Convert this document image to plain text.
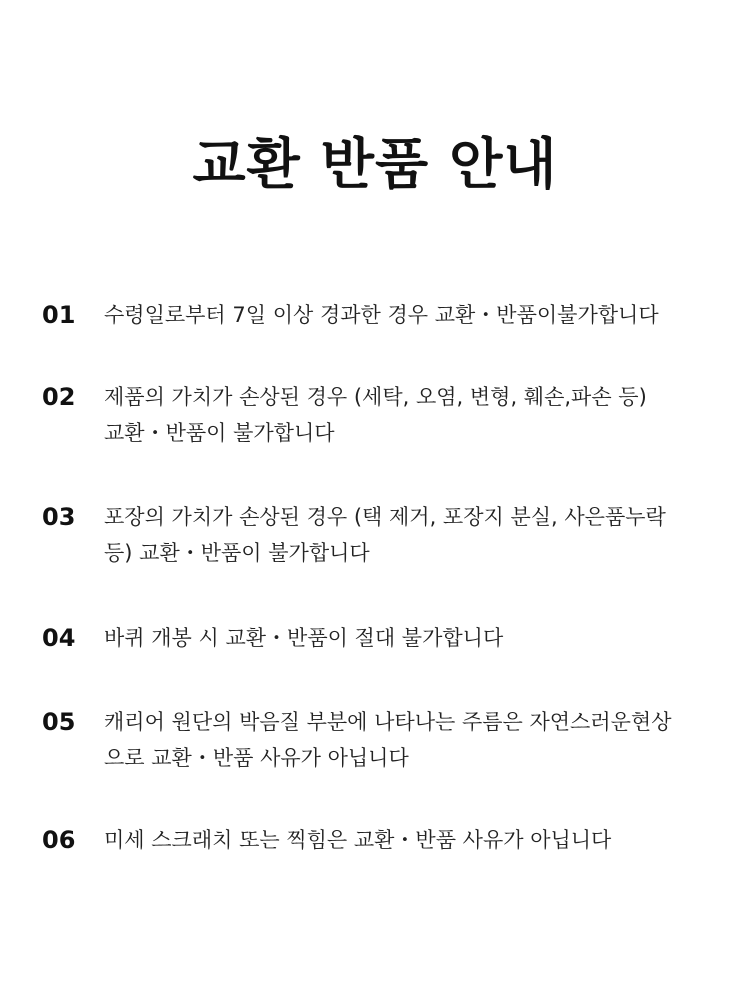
교환 반품 안내
01	수령일로부터 7일 이상 경과한 경우 교환・반품이불가합니다
02	제품의 가치가 손상된 경우 (세탁, 오염, 변형, 훼손,파손 등)
교환・반품이 불가합니다
03	포장의 가치가 손상된 경우 (택 제거, 포장지 분실, 사은품누락
등) 교환・반품이 불가합니다
04	바퀴 개봉 시 교환・반품이 절대 불가합니다
05	캐리어 원단의 박음질 부분에 나타나는 주름은 자연스러운현상
으로 교환・반품 사유가 아닙니다
06	미세 스크래치 또는 찍힘은 교환・반품 사유가 아닙니다
